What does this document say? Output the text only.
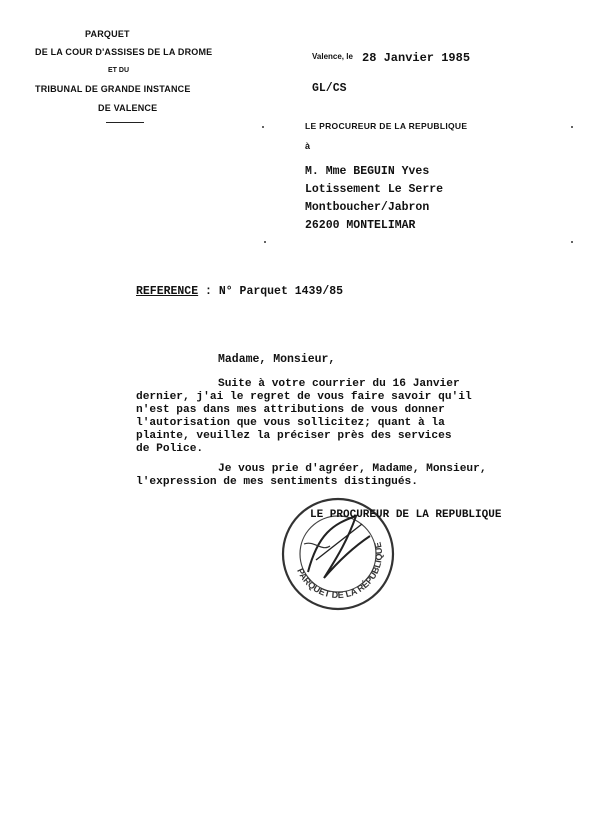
PARQUET
DE LA COUR D'ASSISES DE LA DROME
ET DU
TRIBUNAL DE GRANDE INSTANCE
DE VALENCE
Valence, le 28 Janvier 1985
GL/CS
LE PROCUREUR DE LA REPUBLIQUE
à
M. Mme BEGUIN Yves
Lotissement Le Serre
Montboucher/Jabron
26200 MONTELIMAR
REFERENCE : N° Parquet 1439/85
Madame, Monsieur,
Suite à votre courrier du 16 Janvier
dernier, j'ai le regret de vous faire savoir qu'il
n'est pas dans mes attributions de vous donner
l'autorisation que vous sollicitez; quant à la
plainte, veuillez la préciser près des services
de Police.
Je vous prie d'agréer, Madame, Monsieur,
l'expression de mes sentiments distingués.
PARQUET DE LA RÉPUBLIQUE
LE PROCUREUR DE LA REPUBLIQUE
